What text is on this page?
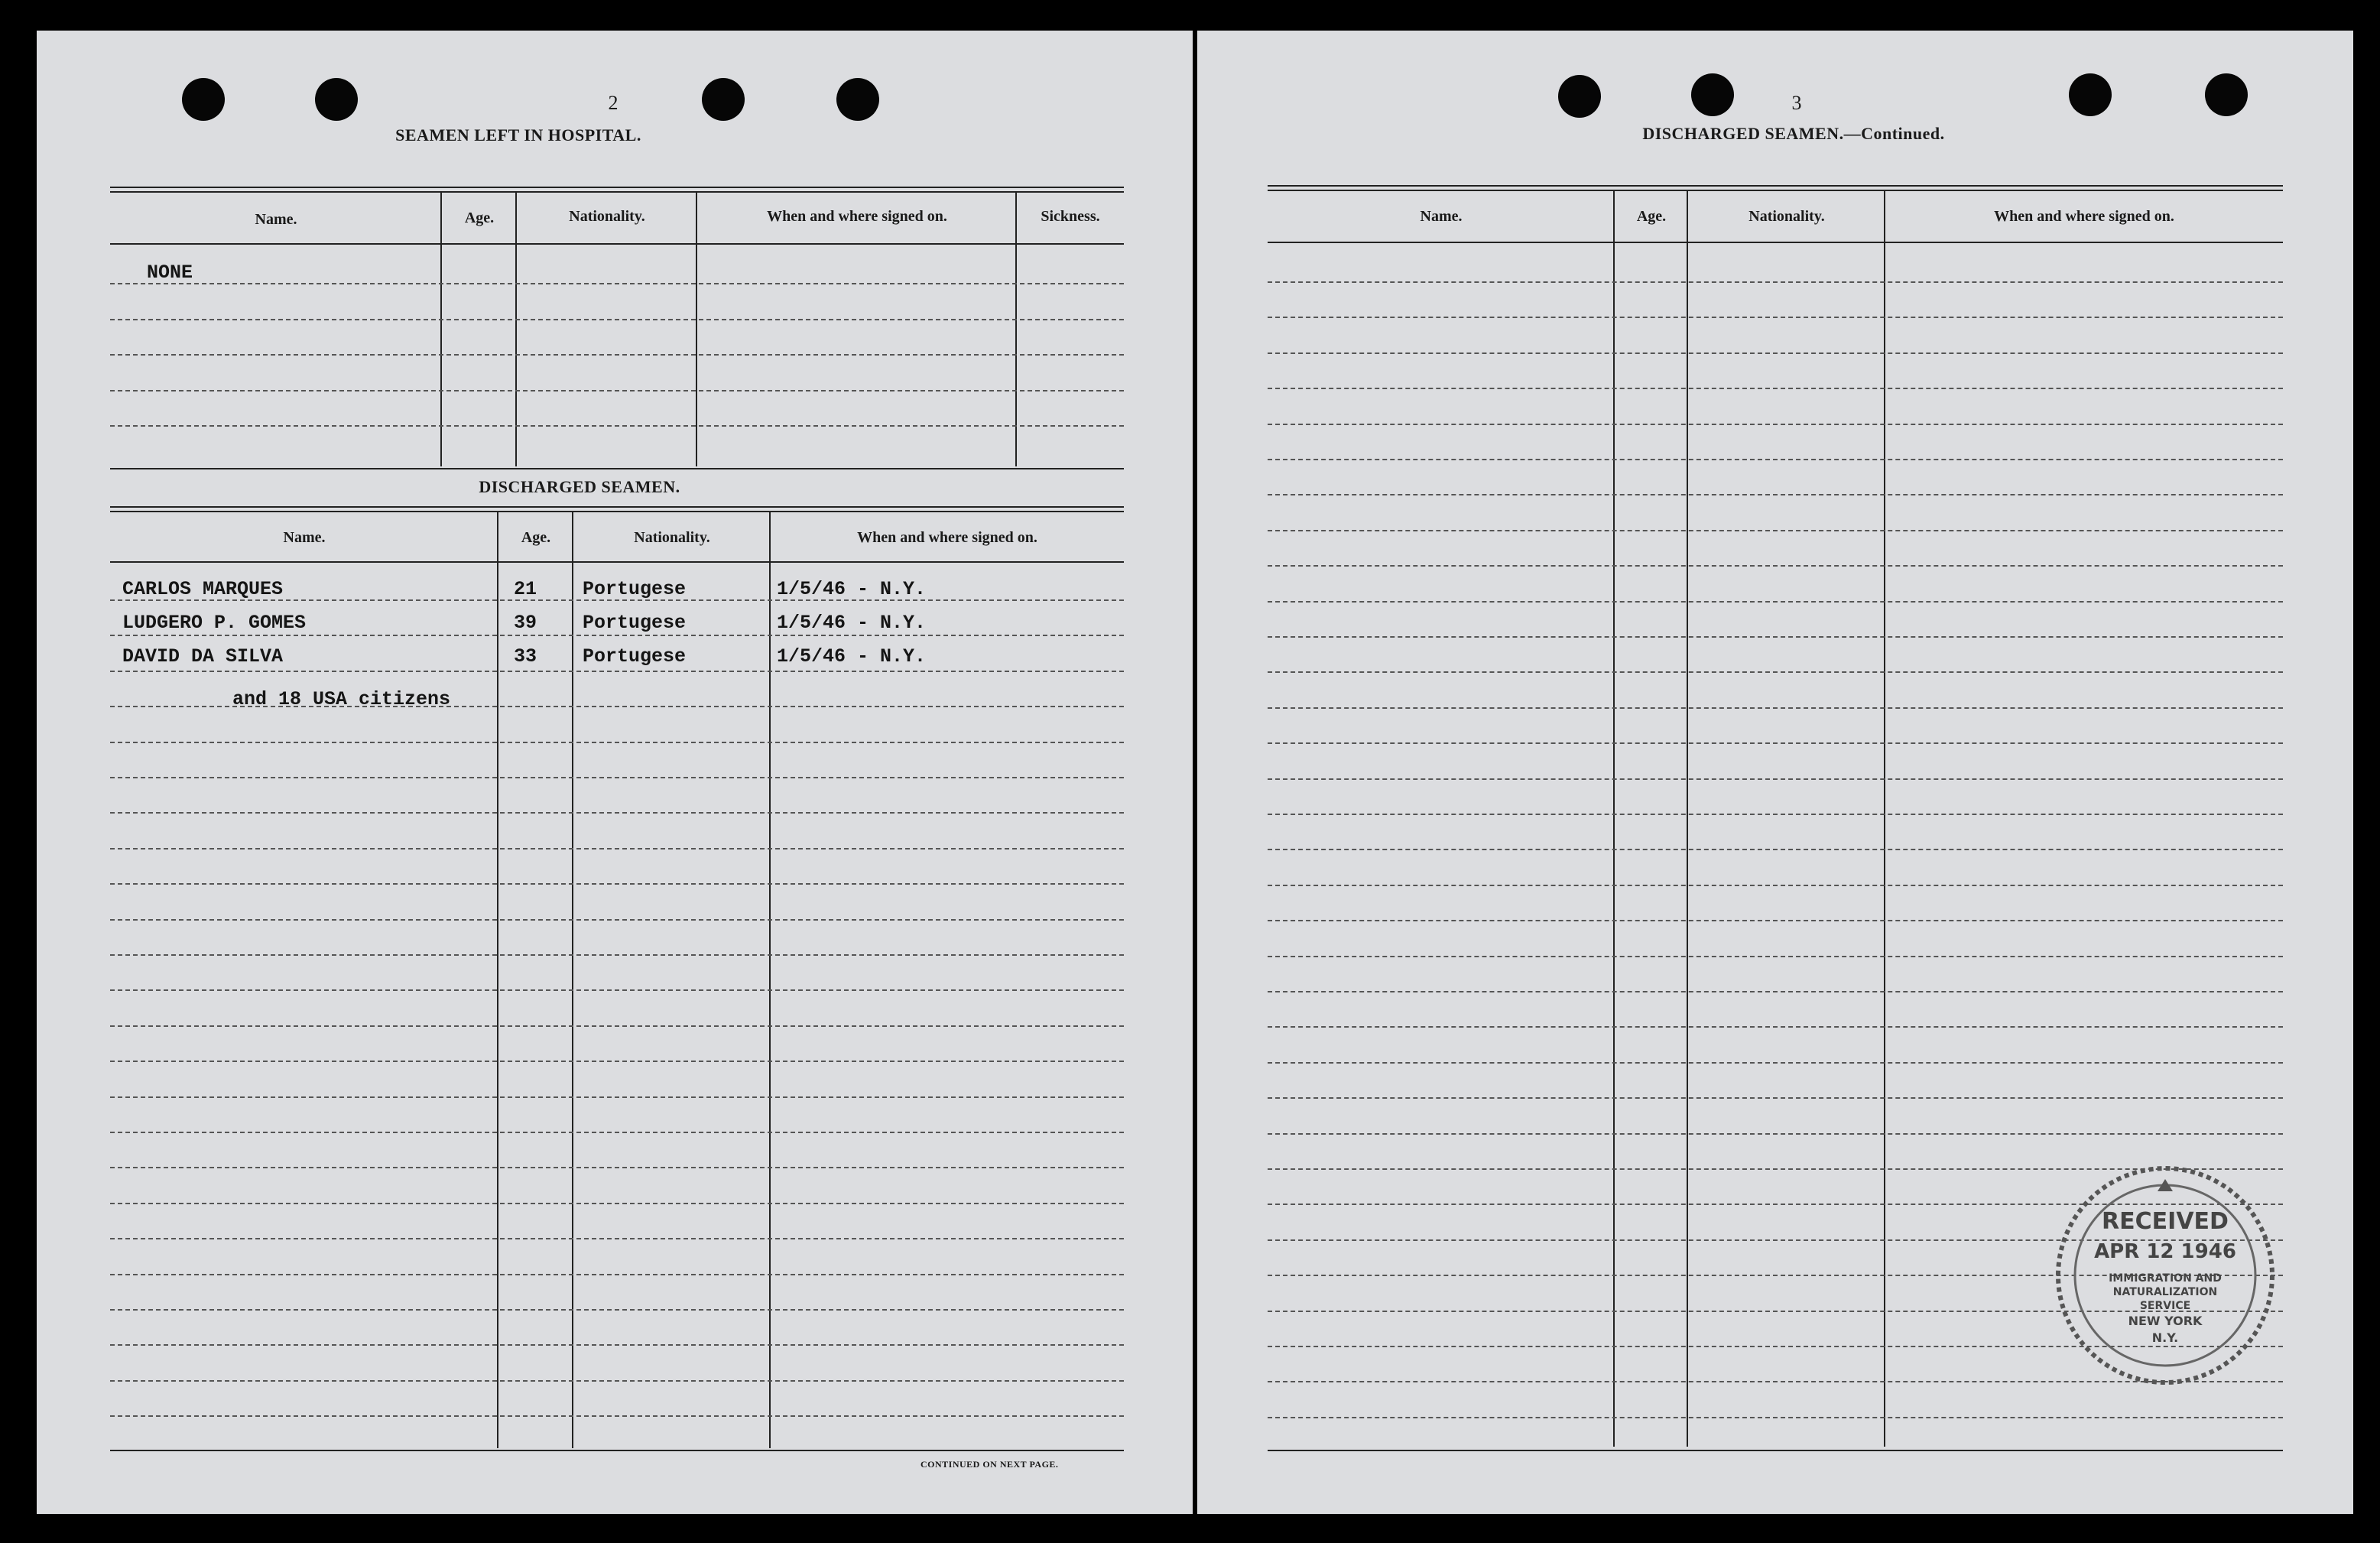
2
SEAMEN LEFT IN HOSPITAL.
Name.	Age.	Nationality.	When and where signed on.	Sickness.
NONE
DISCHARGED SEAMEN.
Name.	Age.	Nationality.	When and where signed on.
CARLOS MARQUES	21 Portugese	1/5/46 - N.Y.
LUDGERO P. GOMES	39 Portugese	1/5/46 - N.Y.
DAVID DA SILVA	33 Portugese	1/5/46 - N.Y.
and 18 USA citizens
CONTINUED ON NEXT PAGE.
3
DISCHARGED SEAMEN.—Continued.
Name.	Age.	Nationality.	When and where signed on.
RECEIVED
APR 12 1946
IMMIGRATION AND
NATURALIZATION
SERVICE
NEW YORK
N.Y.
